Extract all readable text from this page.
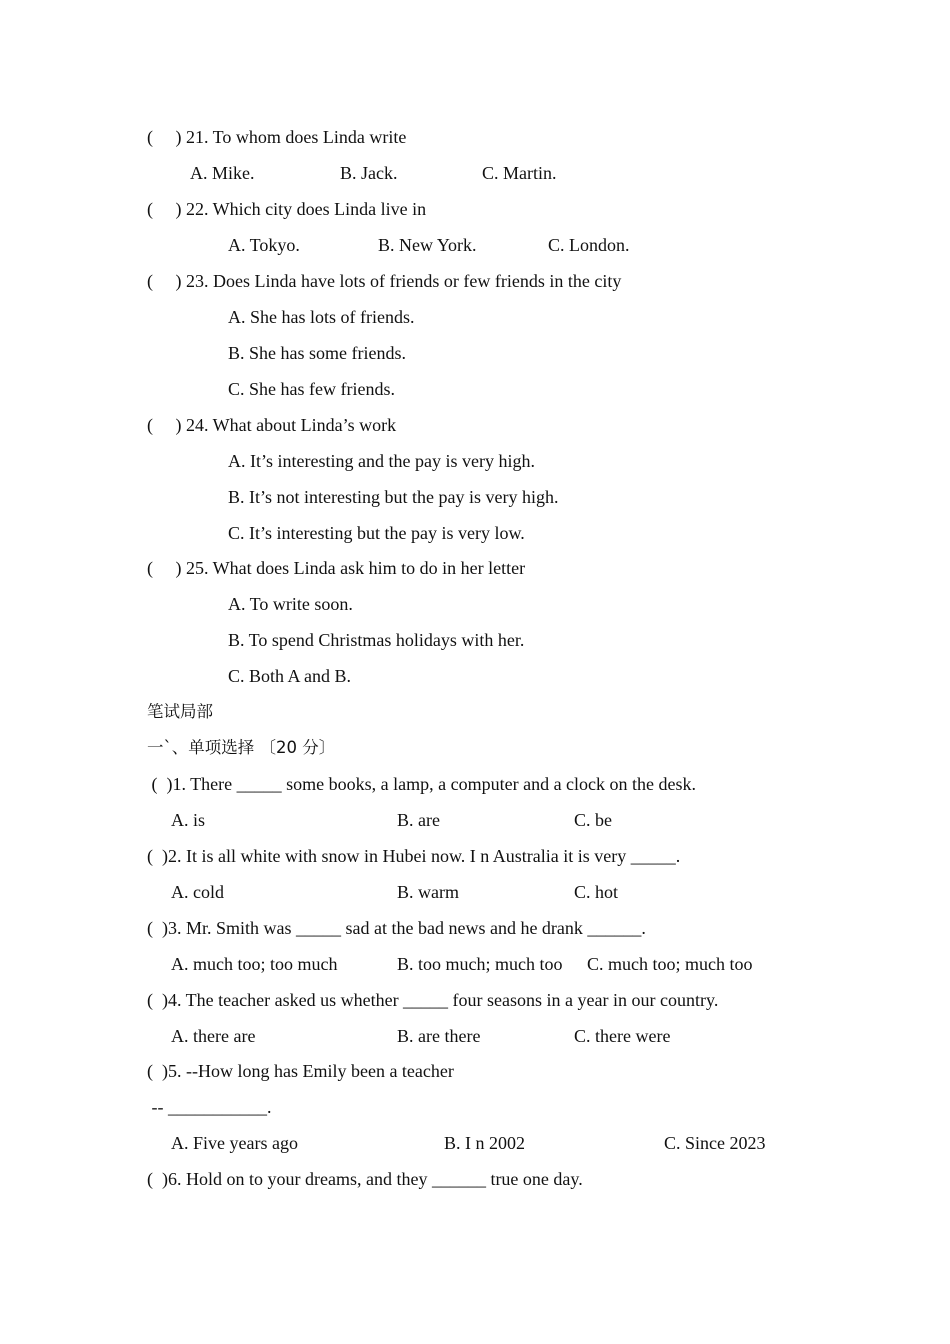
(     ) 21. To whom does Linda write
A. Mike.	B. Jack.	C. Martin.
(     ) 22. Which city does Linda live in
A. Tokyo.	B. New York.	C. London.
(     ) 23. Does Linda have lots of friends or few friends in the city
A. She has lots of friends.
B. She has some friends.
C. She has few friends.
(     ) 24. What about Linda’s work
A. It’s interesting and the pay is very high.
B. It’s not interesting but the pay is very high.
C. It’s interesting but the pay is very low.
(     ) 25. What does Linda ask him to do in her letter
A. To write soon.
B. To spend Christmas holidays with her.
C. Both A and B.
笔试局部
一`、单项选择 〔20 分〕
(  )1. There _____ some books, a lamp, a computer and a clock on the desk.
A. is	B. are	C. be
(  )2. It is all white with snow in Hubei now. I n Australia it is very _____.
A. cold	B. warm	C. hot
(  )3. Mr. Smith was _____ sad at the bad news and he drank ______.
A. much too; too much	B. too much; much too C. much too; much too
(  )4. The teacher asked us whether _____ four seasons in a year in our country.
A. there are	B. are there	C. there were
(  )5. --How long has Emily been a teacher
-- ___________.
A. Five years ago	B. I n 2002	C. Since 2023
(  )6. Hold on to your dreams, and they ______ true one day.
